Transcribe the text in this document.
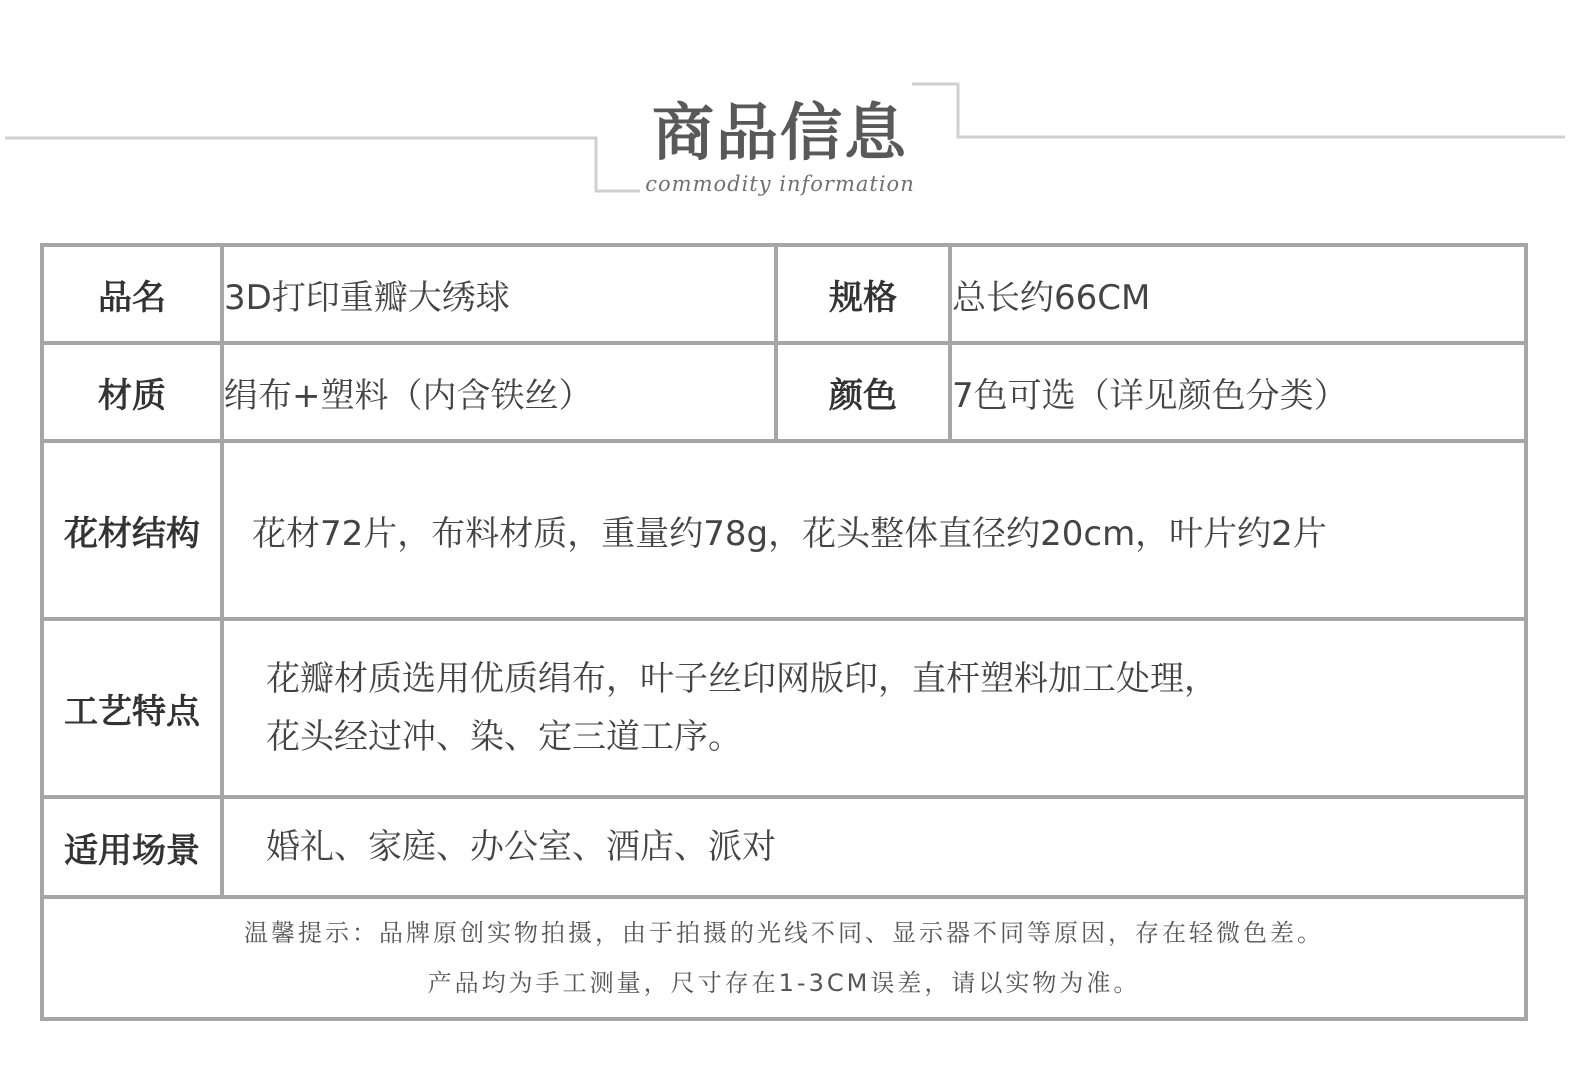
商品信息
commodity information
品名	3D打印重瓣大绣球	规格	总长约66CM
材质	绢布+塑料（内含铁丝）	颜色	7色可选（详见颜色分类）
花材结构	花材72片，布料材质，重量约78g，花头整体直径约20cm，叶片约2片		
工艺特点	花瓣材质选用优质绢布，叶子丝印网版印，直杆塑料加工处理，
花头经过冲、染、定三道工序。		

适用场景	婚礼、家庭、办公室、酒店、派对		

温馨提示：品牌原创实物拍摄，由于拍摄的光线不同、显示器不同等原因，存在轻微色差。
产品均为手工测量，尺寸存在1-3CM误差，请以实物为准。			
